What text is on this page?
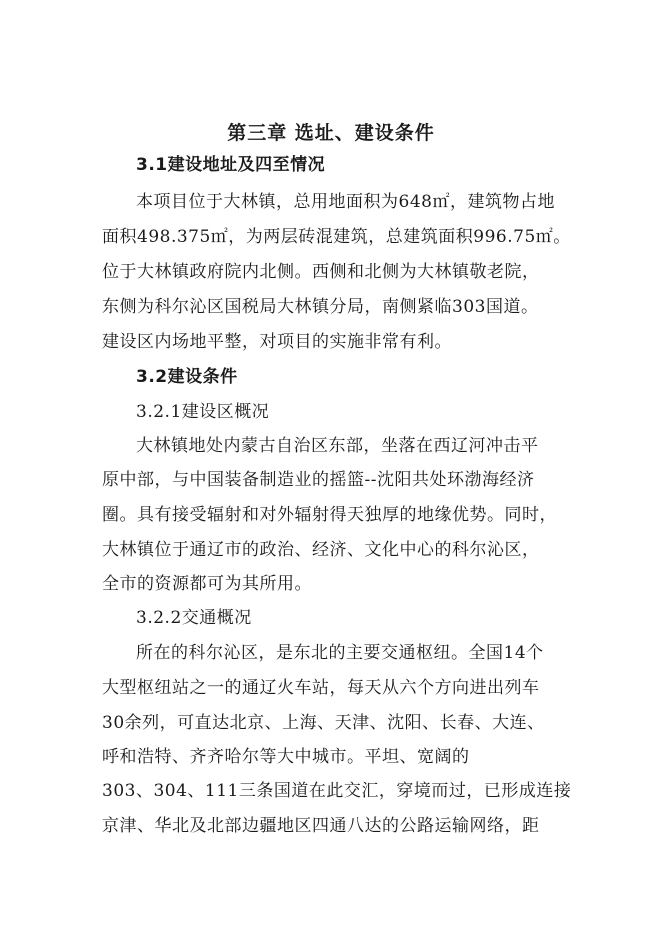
第三章 选址、建设条件
3.1建设地址及四至情况
本项目位于大林镇，总用地面积为648㎡，建筑物占地
面积498.375㎡，为两层砖混建筑，总建筑面积996.75㎡。
位于大林镇政府院内北侧。西侧和北侧为大林镇敬老院，
东侧为科尔沁区国税局大林镇分局，南侧紧临303国道。
建设区内场地平整，对项目的实施非常有利。
3.2建设条件
3.2.1建设区概况
大林镇地处内蒙古自治区东部，坐落在西辽河冲击平
原中部，与中国装备制造业的摇篮--沈阳共处环渤海经济
圈。具有接受辐射和对外辐射得天独厚的地缘优势。同时，
大林镇位于通辽市的政治、经济、文化中心的科尔沁区，
全市的资源都可为其所用。
3.2.2交通概况
所在的科尔沁区，是东北的主要交通枢纽。全国14个
大型枢纽站之一的通辽火车站，每天从六个方向进出列车
30余列，可直达北京、上海、天津、沈阳、长春、大连、
呼和浩特、齐齐哈尔等大中城市。平坦、宽阔的
303、304、111三条国道在此交汇，穿境而过，已形成连接
京津、华北及北部边疆地区四通八达的公路运输网络，距
